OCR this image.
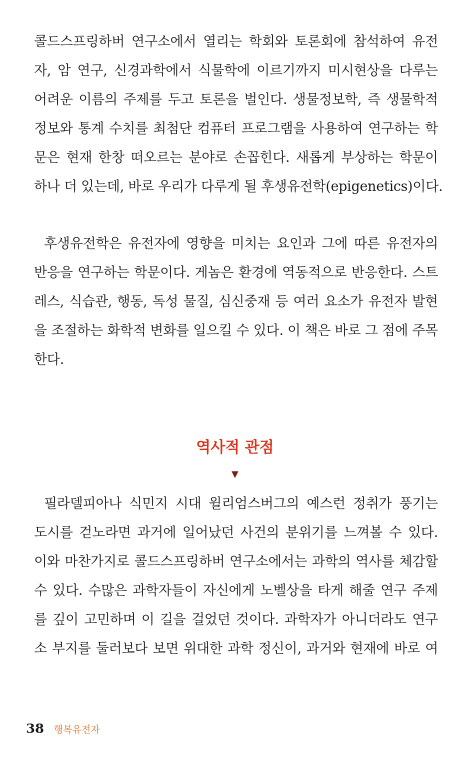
콜드스프링하버 연구소에서 열리는 학회와 토론회에 참석하여 유전
자, 암 연구, 신경과학에서 식물학에 이르기까지 미시현상을 다루는
어려운 이름의 주제를 두고 토론을 벌인다. 생물정보학, 즉 생물학적
정보와 통계 수치를 최첨단 컴퓨터 프로그램을 사용하여 연구하는 학
문은 현재 한창 떠오르는 분야로 손꼽힌다. 새롭게 부상하는 학문이
하나 더 있는데, 바로 우리가 다루게 될 후생유전학(epigenetics)이다.
후생유전학은 유전자에 영향을 미치는 요인과 그에 따른 유전자의
반응을 연구하는 학문이다. 게놈은 환경에 역동적으로 반응한다. 스트
레스, 식습관, 행동, 독성 물질, 심신중재 등 여러 요소가 유전자 발현
을 조절하는 화학적 변화를 일으킬 수 있다. 이 책은 바로 그 점에 주목
한다.
역사적 관점
▼
필라델피아나 식민지 시대 윌리엄스버그의 예스런 정취가 풍기는
도시를 걷노라면 과거에 일어났던 사건의 분위기를 느껴볼 수 있다.
이와 마찬가지로 콜드스프링하버 연구소에서는 과학의 역사를 체감할
수 있다. 수많은 과학자들이 자신에게 노벨상을 타게 해줄 연구 주제
를 깊이 고민하며 이 길을 걸었던 것이다. 과학자가 아니더라도 연구
소 부지를 둘러보다 보면 위대한 과학 정신이, 과거와 현재에 바로 여
38 행복유전자
